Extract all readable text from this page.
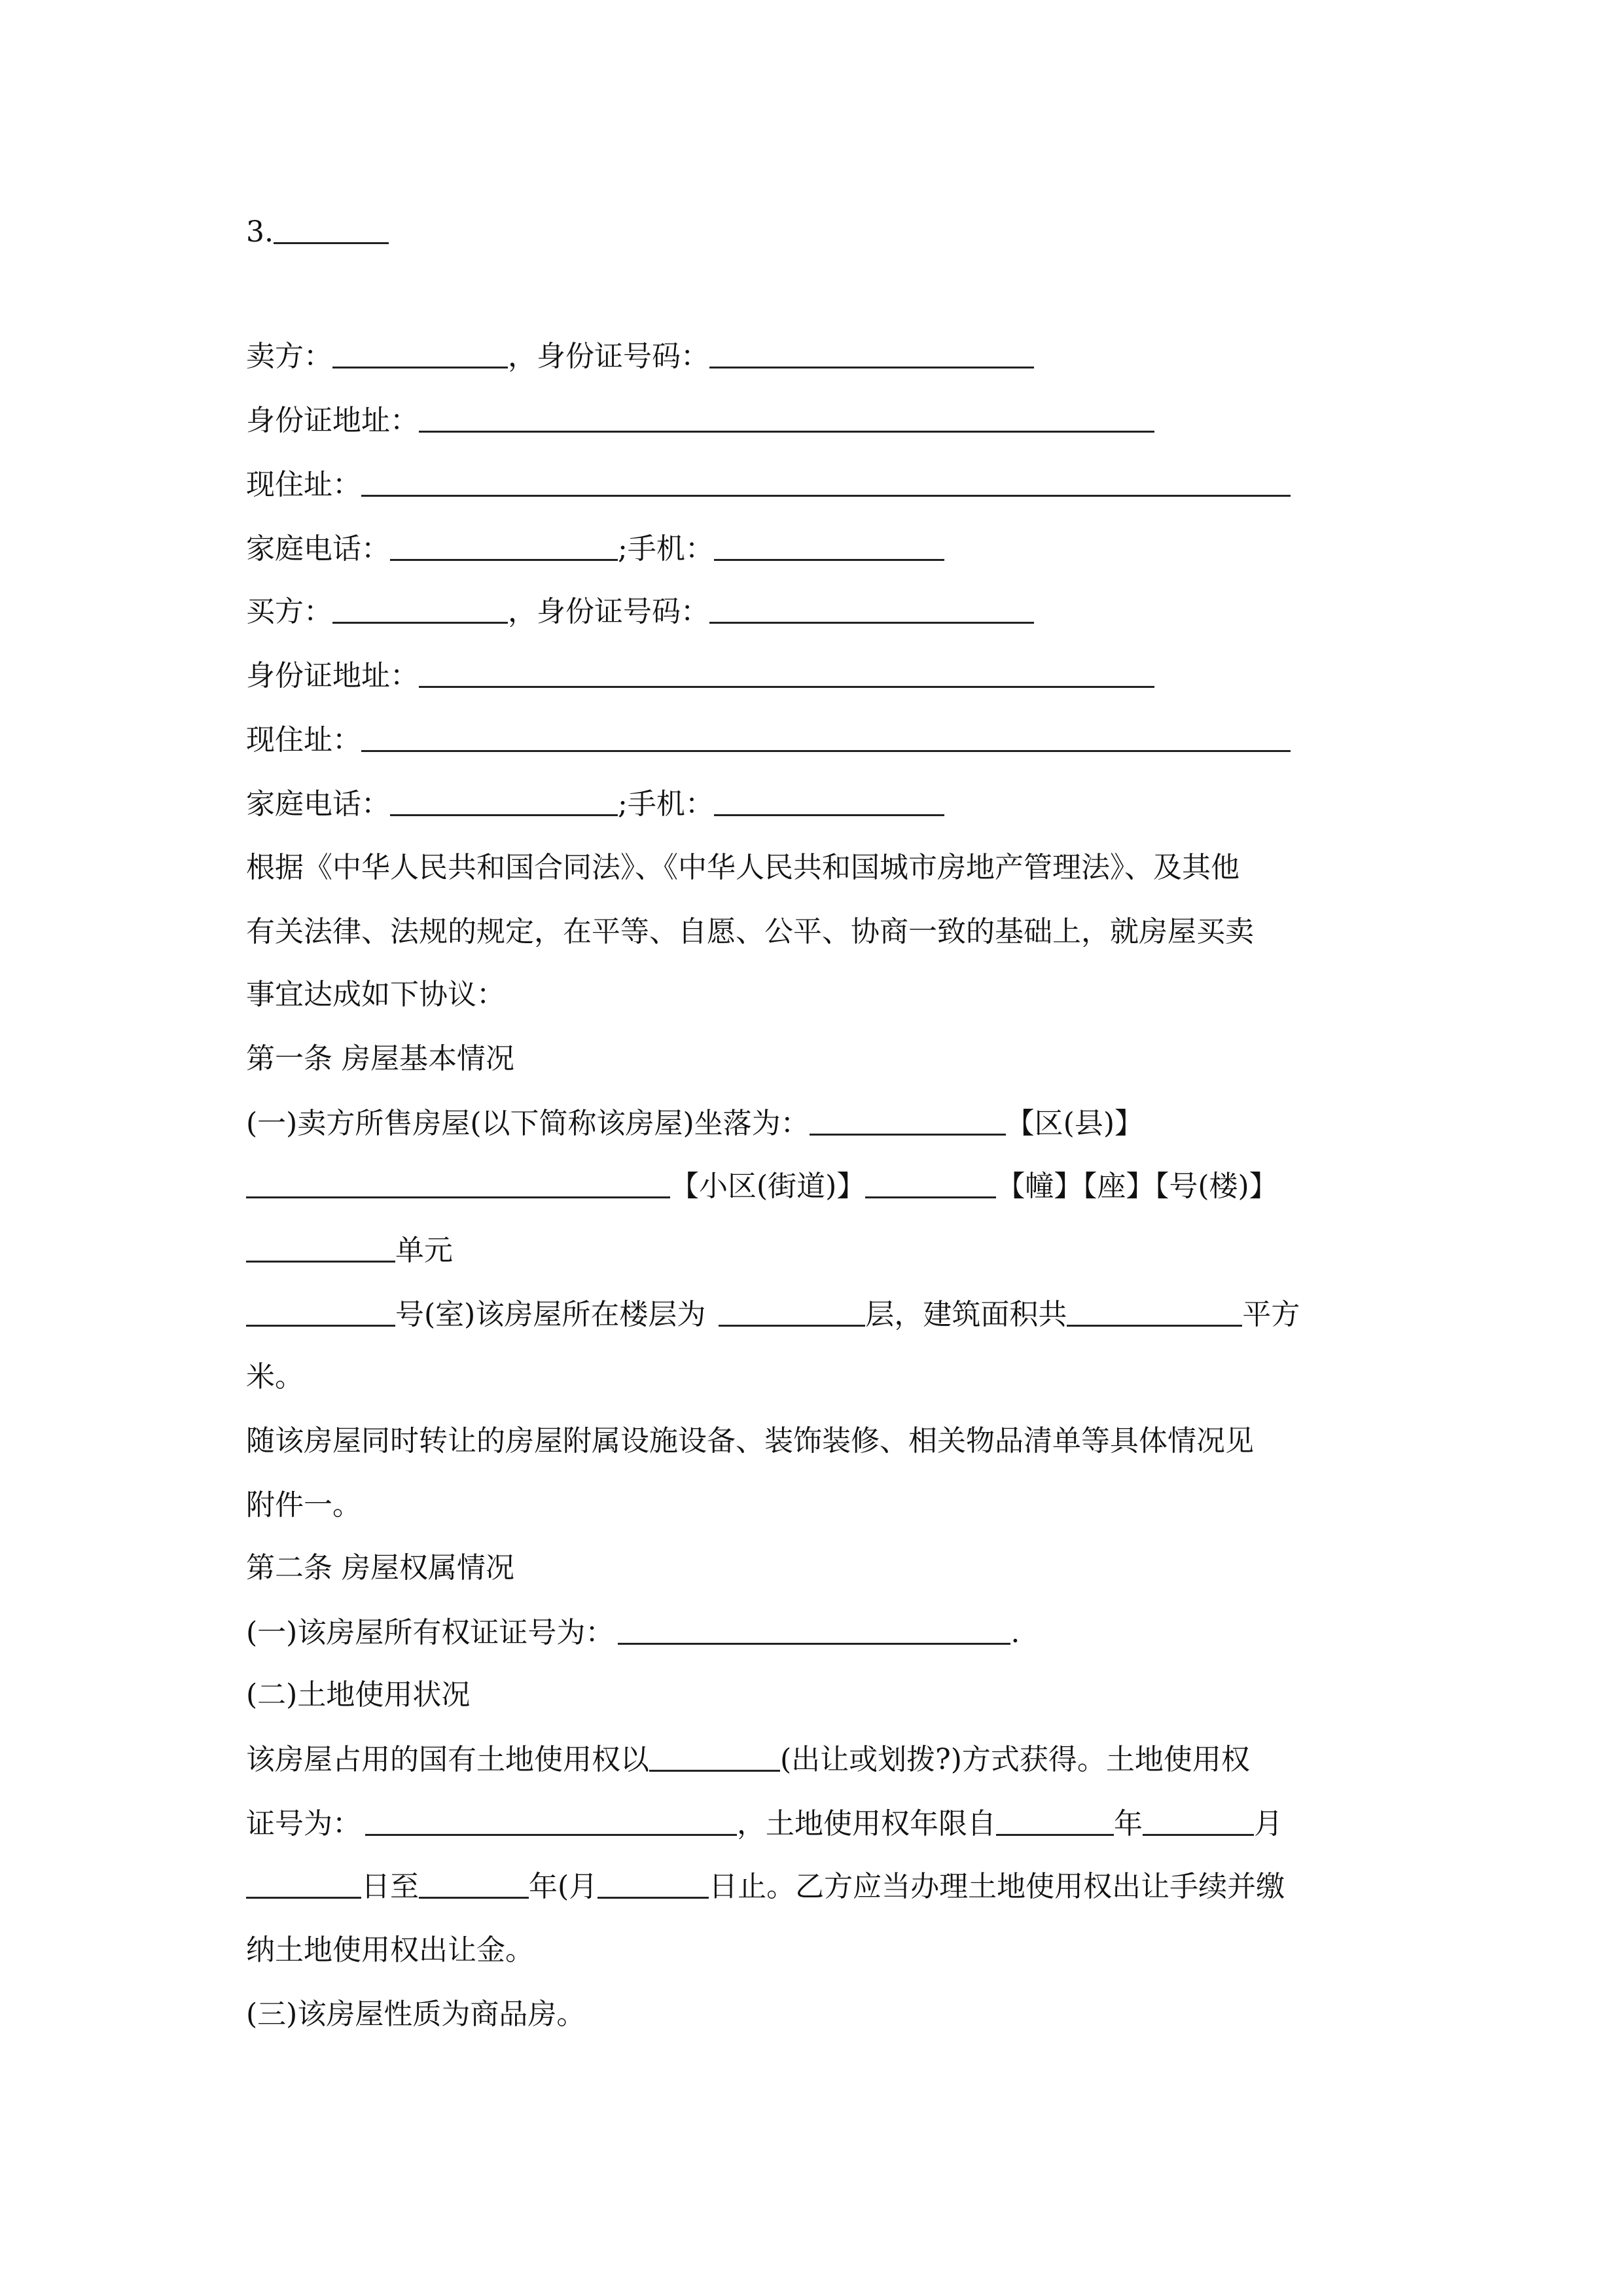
3.
卖方：	，身份证号码：
身份证地址：
现住址：
家庭电话：	;手机：
买方：	，身份证号码：
身份证地址：
现住址：
家庭电话：	;手机：
根据《中华人民共和国合同法》、《中华人民共和国城市房地产管理法》、及其他
有关法律、法规的规定，在平等、自愿、公平、协商一致的基础上，就房屋买卖
事宜达成如下协议：
第一条 房屋基本情况
(一)卖方所售房屋(以下简称该房屋)坐落为：	【区(县)】
【小区(街道)】	【幢】【座】【号(楼)】
单元
号(室)该房屋所在楼层为	层，建筑面积共	平方
米。
随该房屋同时转让的房屋附属设施设备、装饰装修、相关物品清单等具体情况见
附件一。
第二条 房屋权属情况
(一)该房屋所有权证证号为：	.
(二)土地使用状况
该房屋占用的国有土地使用权以	(出让或划拨?)方式获得。土地使用权
证号为：	，土地使用权年限自	年	月
日至	年(月	日止。乙方应当办理土地使用权出让手续并缴
纳土地使用权出让金。
(三)该房屋性质为商品房。
